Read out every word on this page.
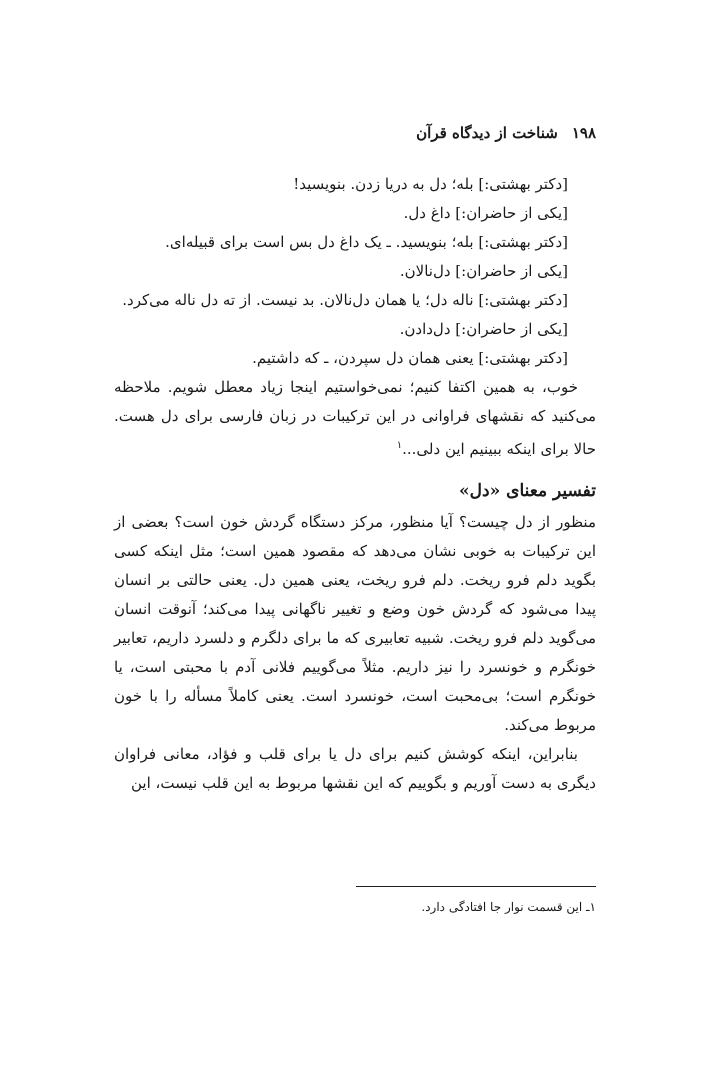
۱۹۸
شناخت از دیدگاه قرآن
[دکتر بهشتی:] بله؛ دل به دریا زدن. بنویسید!
[یکی از حاضران:] داغ دل.
[دکتر بهشتی:] بله؛ بنویسید. ـ یک داغ دل بس است برای قبیله‌ای.
[یکی از حاضران:] دل‌نالان.
[دکتر بهشتی:] ناله دل؛ یا همان دل‌نالان. بد نیست. از ته دل ناله می‌کرد.
[یکی از حاضران:] دل‌دادن.
[دکتر بهشتی:] یعنی همان دل سپردن، ـ که داشتیم.

خوب، به همین اکتفا کنیم؛ نمی‌خواستیم اینجا زیاد معطل شویم. ملاحظه می‌کنید که نقشهای فراوانی در این ترکیبات در زبان فارسی برای دل هست. حالا برای اینکه ببینیم این دلی...$^۱$

تفسیر معنای «دل»

منظور از دل چیست؟ آیا منظور، مرکز دستگاه گردش خون است؟ بعضی از این ترکیبات به خوبی نشان می‌دهد که مقصود همین است؛ مثل اینکه کسی بگوید دلم فرو ریخت. دلم فرو ریخت، یعنی همین دل. یعنی حالتی بر انسان پیدا می‌شود که گردش خون وضع و تغییر ناگهانی پیدا می‌کند؛ آنوقت انسان می‌گوید دلم فرو ریخت. شبیه تعابیری که ما برای دلگرم و دلسرد داریم، تعابیر خونگرم و خونسرد را نیز داریم. مثلاً می‌گوییم فلانی آدم با محبتی است، یا خونگرم است؛ بی‌محبت است، خونسرد است. یعنی کاملاً مسأله را با خون مربوط می‌کند.

بنابراین، اینکه کوشش کنیم برای دل یا برای قلب و فؤاد، معانی فراوان دیگری به دست آوریم و بگوییم که این نقشها مربوط به این قلب نیست، این

۱ـ این قسمت نوار جا افتادگی دارد.
